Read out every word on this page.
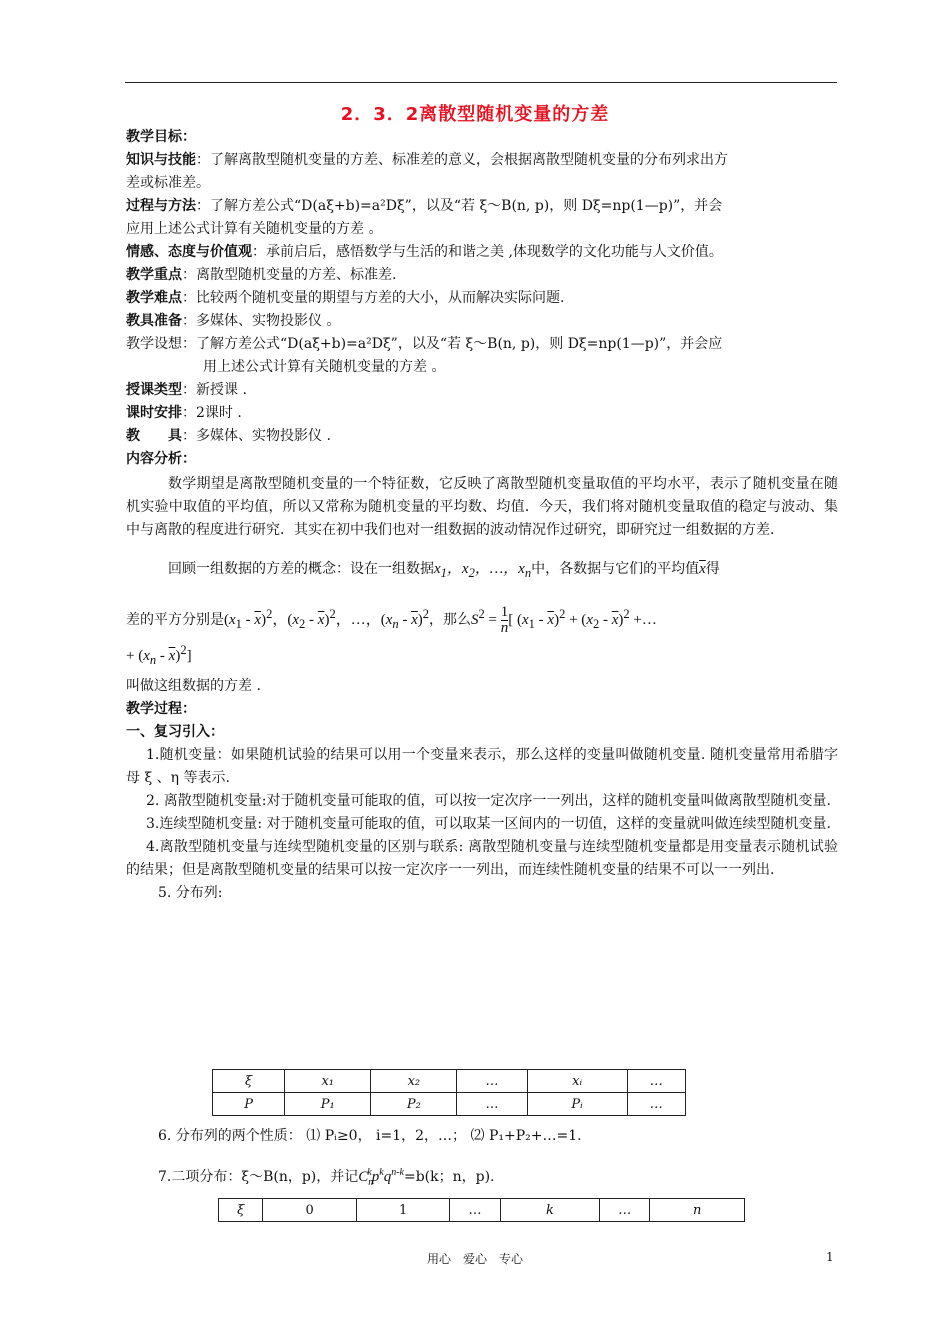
2．3．2离散型随机变量的方差
教学目标：
知识与技能：了解离散型随机变量的方差、标准差的意义，会根据离散型随机变量的分布列求出方
差或标准差。
过程与方法：了解方差公式“D(aξ+b)=a²Dξ”，以及“若 ξ～B(n, p)，则 Dξ=np(1—p)”，并会
应用上述公式计算有关随机变量的方差 。
情感、态度与价值观：承前启后，感悟数学与生活的和谐之美 ,体现数学的文化功能与人文价值。
教学重点：离散型随机变量的方差、标准差.
教学难点：比较两个随机变量的期望与方差的大小，从而解决实际问题.
教具准备：多媒体、实物投影仪 。
教学设想：了解方差公式“D(aξ+b)=a²Dξ”，以及“若 ξ～B(n, p)，则 Dξ=np(1—p)”，并会应
用上述公式计算有关随机变量的方差 。
授课类型：新授课 .
课时安排：2课时 .
教　　具：多媒体、实物投影仪 .
内容分析：
数学期望是离散型随机变量的一个特征数，它反映了离散型随机变量取值的平均水平，表示了随机变量在随机实验中取值的平均值，所以又常称为随机变量的平均数、均值．今天，我们将对随机变量取值的稳定与波动、集中与离散的程度进行研究．其实在初中我们也对一组数据的波动情况作过研究，即研究过一组数据的方差.
回顾一组数据的方差的概念：设在一组数据$x_1$，$x_2$，…，$x_n$中，各数据与它们的平均值$\overline{x}$得
差的平方分别是$(x_1 - \overline{x})^2$，$(x_2 - \overline{x})^2$，…，$(x_n - \overline{x})^2$，那么$S^2 = \frac{1}{n}$ [ $(x_1 - \overline{x})^2 + (x_2 - \overline{x})^2$ +…
+ $(x_n - \overline{x})^2$]
叫做这组数据的方差 .
教学过程：
一、复习引入：
1.随机变量：如果随机试验的结果可以用一个变量来表示，那么这样的变量叫做随机变量. 随机变量常用希腊字母 ξ 、η 等表示.
2. 离散型随机变量:对于随机变量可能取的值，可以按一定次序一一列出，这样的随机变量叫做离散型随机变量.
3.连续型随机变量: 对于随机变量可能取的值，可以取某一区间内的一切值，这样的变量就叫做连续型随机变量.
4.离散型随机变量与连续型随机变量的区别与联系: 离散型随机变量与连续型随机变量都是用变量表示随机试验的结果；但是离散型随机变量的结果可以按一定次序一一列出，而连续性随机变量的结果不可以一一列出.
5. 分布列:
ξ	x₁	x₂	…	xᵢ	…
P	P₁	P₂	…	Pᵢ	…
6. 分布列的两个性质： ⑴ Pᵢ≥0， i=1，2，…； ⑵ P₁+P₂+…=1.
7.二项分布：ξ～B(n，p)，并记$C_n^kp^kq^{n-k}=b(k$；n，p).
ξ	0	1	…	k	…	n
用心　爱心　专心	1
